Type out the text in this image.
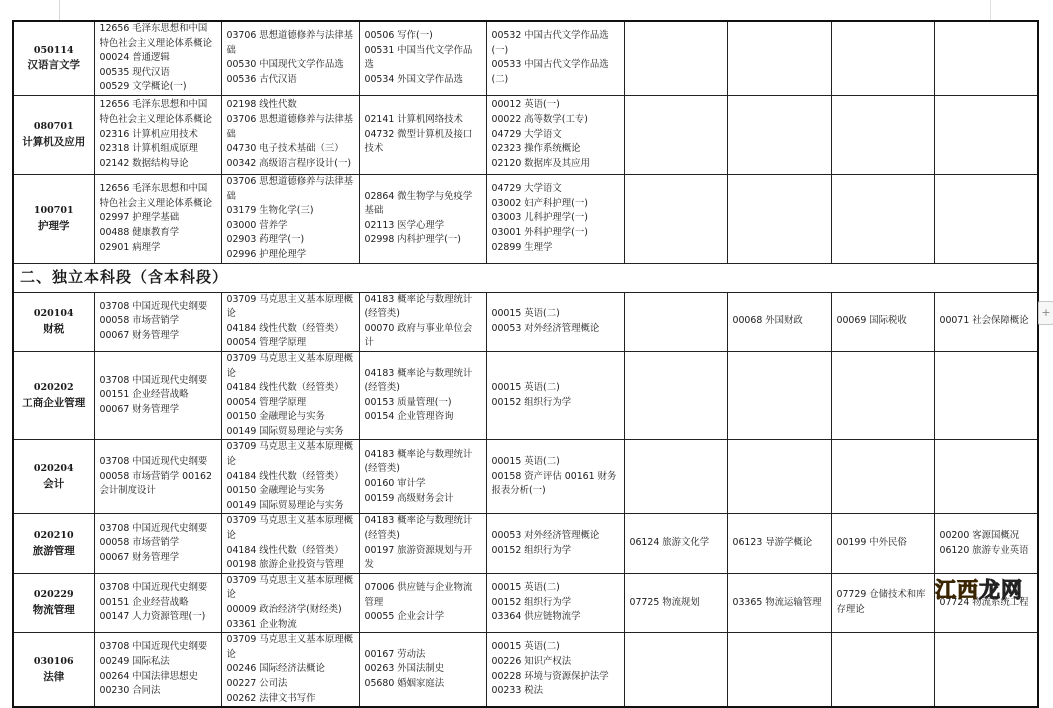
050114
汉语言文学	12656 毛泽东思想和中国特色社会主义理论体系概论
00024 普通逻辑
00535 现代汉语
00529 文学概论(一)	03706 思想道德修养与法律基础
00530 中国现代文学作品选
00536 古代汉语	00506 写作(一)
00531 中国当代文学作品选
00534 外国文学作品选	00532 中国古代文学作品选(一)
00533 中国古代文学作品选(二)				

080701
计算机及应用	12656 毛泽东思想和中国特色社会主义理论体系概论
02316 计算机应用技术
02318 计算机组成原理
02142 数据结构导论	02198 线性代数
03706 思想道德修养与法律基础
04730 电子技术基础（三）
00342 高级语言程序设计(一)	02141 计算机网络技术
04732 微型计算机及接口技术	00012 英语(一)
00022 高等数学(工专)
04729 大学语文
02323 操作系统概论
02120 数据库及其应用				

100701
护理学	12656 毛泽东思想和中国特色社会主义理论体系概论
02997 护理学基础
00488 健康教育学
02901 病理学	03706 思想道德修养与法律基础
03179 生物化学(三)
03000 营养学
02903 药理学(一)
02996 护理伦理学	02864 微生物学与免疫学基础
02113 医学心理学
02998 内科护理学(一)	04729 大学语文
03002 妇产科护理(一)
03003 儿科护理学(一)
03001 外科护理学(一)
02899 生理学				

二、独立本科段（含本科段）								

020104
财税	03708 中国近现代史纲要
00058 市场营销学
00067 财务管理学	03709 马克思主义基本原理概论
04184 线性代数（经管类）
00054 管理学原理	04183 概率论与数理统计(经管类)
00070 政府与事业单位会计	00015 英语(二)
00053 对外经济管理概论		00068 外国财政	00069 国际税收	00071 社会保障概论

020202
工商企业管理	03708 中国近现代史纲要
00151 企业经营战略
00067 财务管理学	03709 马克思主义基本原理概论
04184 线性代数（经管类）
00054 管理学原理
00150 金融理论与实务
00149 国际贸易理论与实务	04183 概率论与数理统计(经管类)
00153 质量管理(一)
00154 企业管理咨询	00015 英语(二)
00152 组织行为学				

020204
会计	03708 中国近现代史纲要
00058 市场营销学 00162 会计制度设计	03709 马克思主义基本原理概论
04184 线性代数（经管类）
00150 金融理论与实务
00149 国际贸易理论与实务	04183 概率论与数理统计(经管类)
00160 审计学
00159 高级财务会计	00015 英语(二)
00158 资产评估 00161 财务报表分析(一)				

020210
旅游管理	03708 中国近现代史纲要
00058 市场营销学
00067 财务管理学	03709 马克思主义基本原理概论
04184 线性代数（经管类）
00198 旅游企业投资与管理	04183 概率论与数理统计(经管类)
00197 旅游资源规划与开发	00053 对外经济管理概论
00152 组织行为学	06124 旅游文化学	06123 导游学概论	00199 中外民俗	00200 客源国概况
06120 旅游专业英语

020229
物流管理	03708 中国近现代史纲要
00151 企业经营战略
00147 人力资源管理(一)	03709 马克思主义基本原理概论
00009 政治经济学(财经类)
03361 企业物流	07006 供应链与企业物流管理
00055 企业会计学	00015 英语(二)
00152 组织行为学
03364 供应链物流学	07725 物流规划	03365 物流运输管理	07729 仓储技术和库存理论	07724 物流系统工程

030106
法律	03708 中国近现代史纲要
00249 国际私法
00264 中国法律思想史
00230 合同法	03709 马克思主义基本原理概论
00246 国际经济法概论
00227 公司法
00262 法律文书写作	00167 劳动法
00263 外国法制史
05680 婚姻家庭法	00015 英语(二)
00226 知识产权法
00228 环境与资源保护法学
00233 税法				

+
江西龙网
